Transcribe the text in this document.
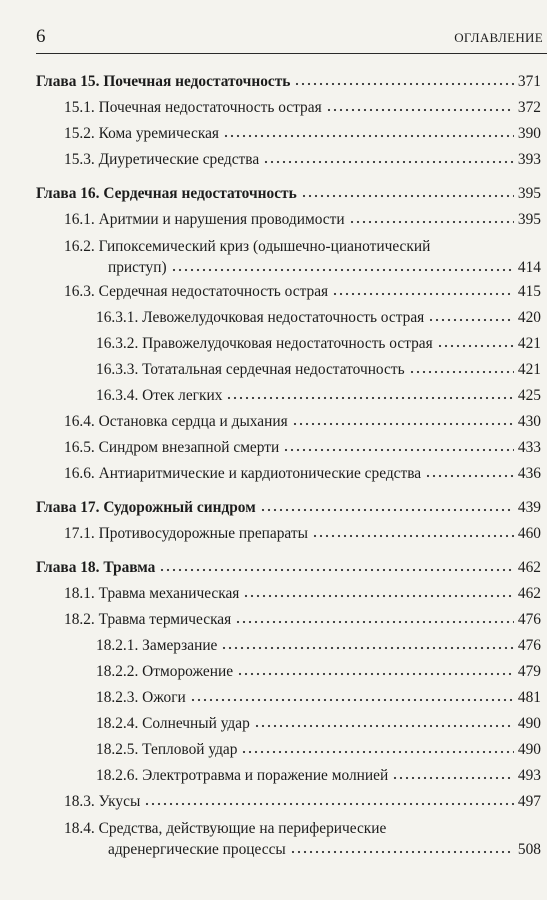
6	ОГЛАВЛЕНИЕ
Глава 15. Почечная недостаточность	371
15.1. Почечная недостаточность острая	372
15.2. Кома уремическая	390
15.3. Диуретические средства	393
Глава 16. Сердечная недостаточность	395
16.1. Аритмии и нарушения проводимости	395
16.2. Гипоксемический криз (одышечно-цианотический
приступ)	414
16.3. Сердечная недостаточность острая	415
16.3.1. Левожелудочковая недостаточность острая	420
16.3.2. Правожелудочковая недостаточность острая	421
16.3.3. Тотатальная сердечная недостаточность	421
16.3.4. Отек легких	425
16.4. Остановка сердца и дыхания	430
16.5. Синдром внезапной смерти	433
16.6. Антиаритмические и кардиотонические средства	436
Глава 17. Судорожный синдром	439
17.1. Противосудорожные препараты	460
Глава 18. Травма	462
18.1. Травма механическая	462
18.2. Травма термическая	476
18.2.1. Замерзание	476
18.2.2. Отморожение	479
18.2.3. Ожоги	481
18.2.4. Солнечный удар	490
18.2.5. Тепловой удар	490
18.2.6. Электротравма и поражение молнией	493
18.3. Укусы	497
18.4. Средства, действующие на периферические
адренергические процессы	508
